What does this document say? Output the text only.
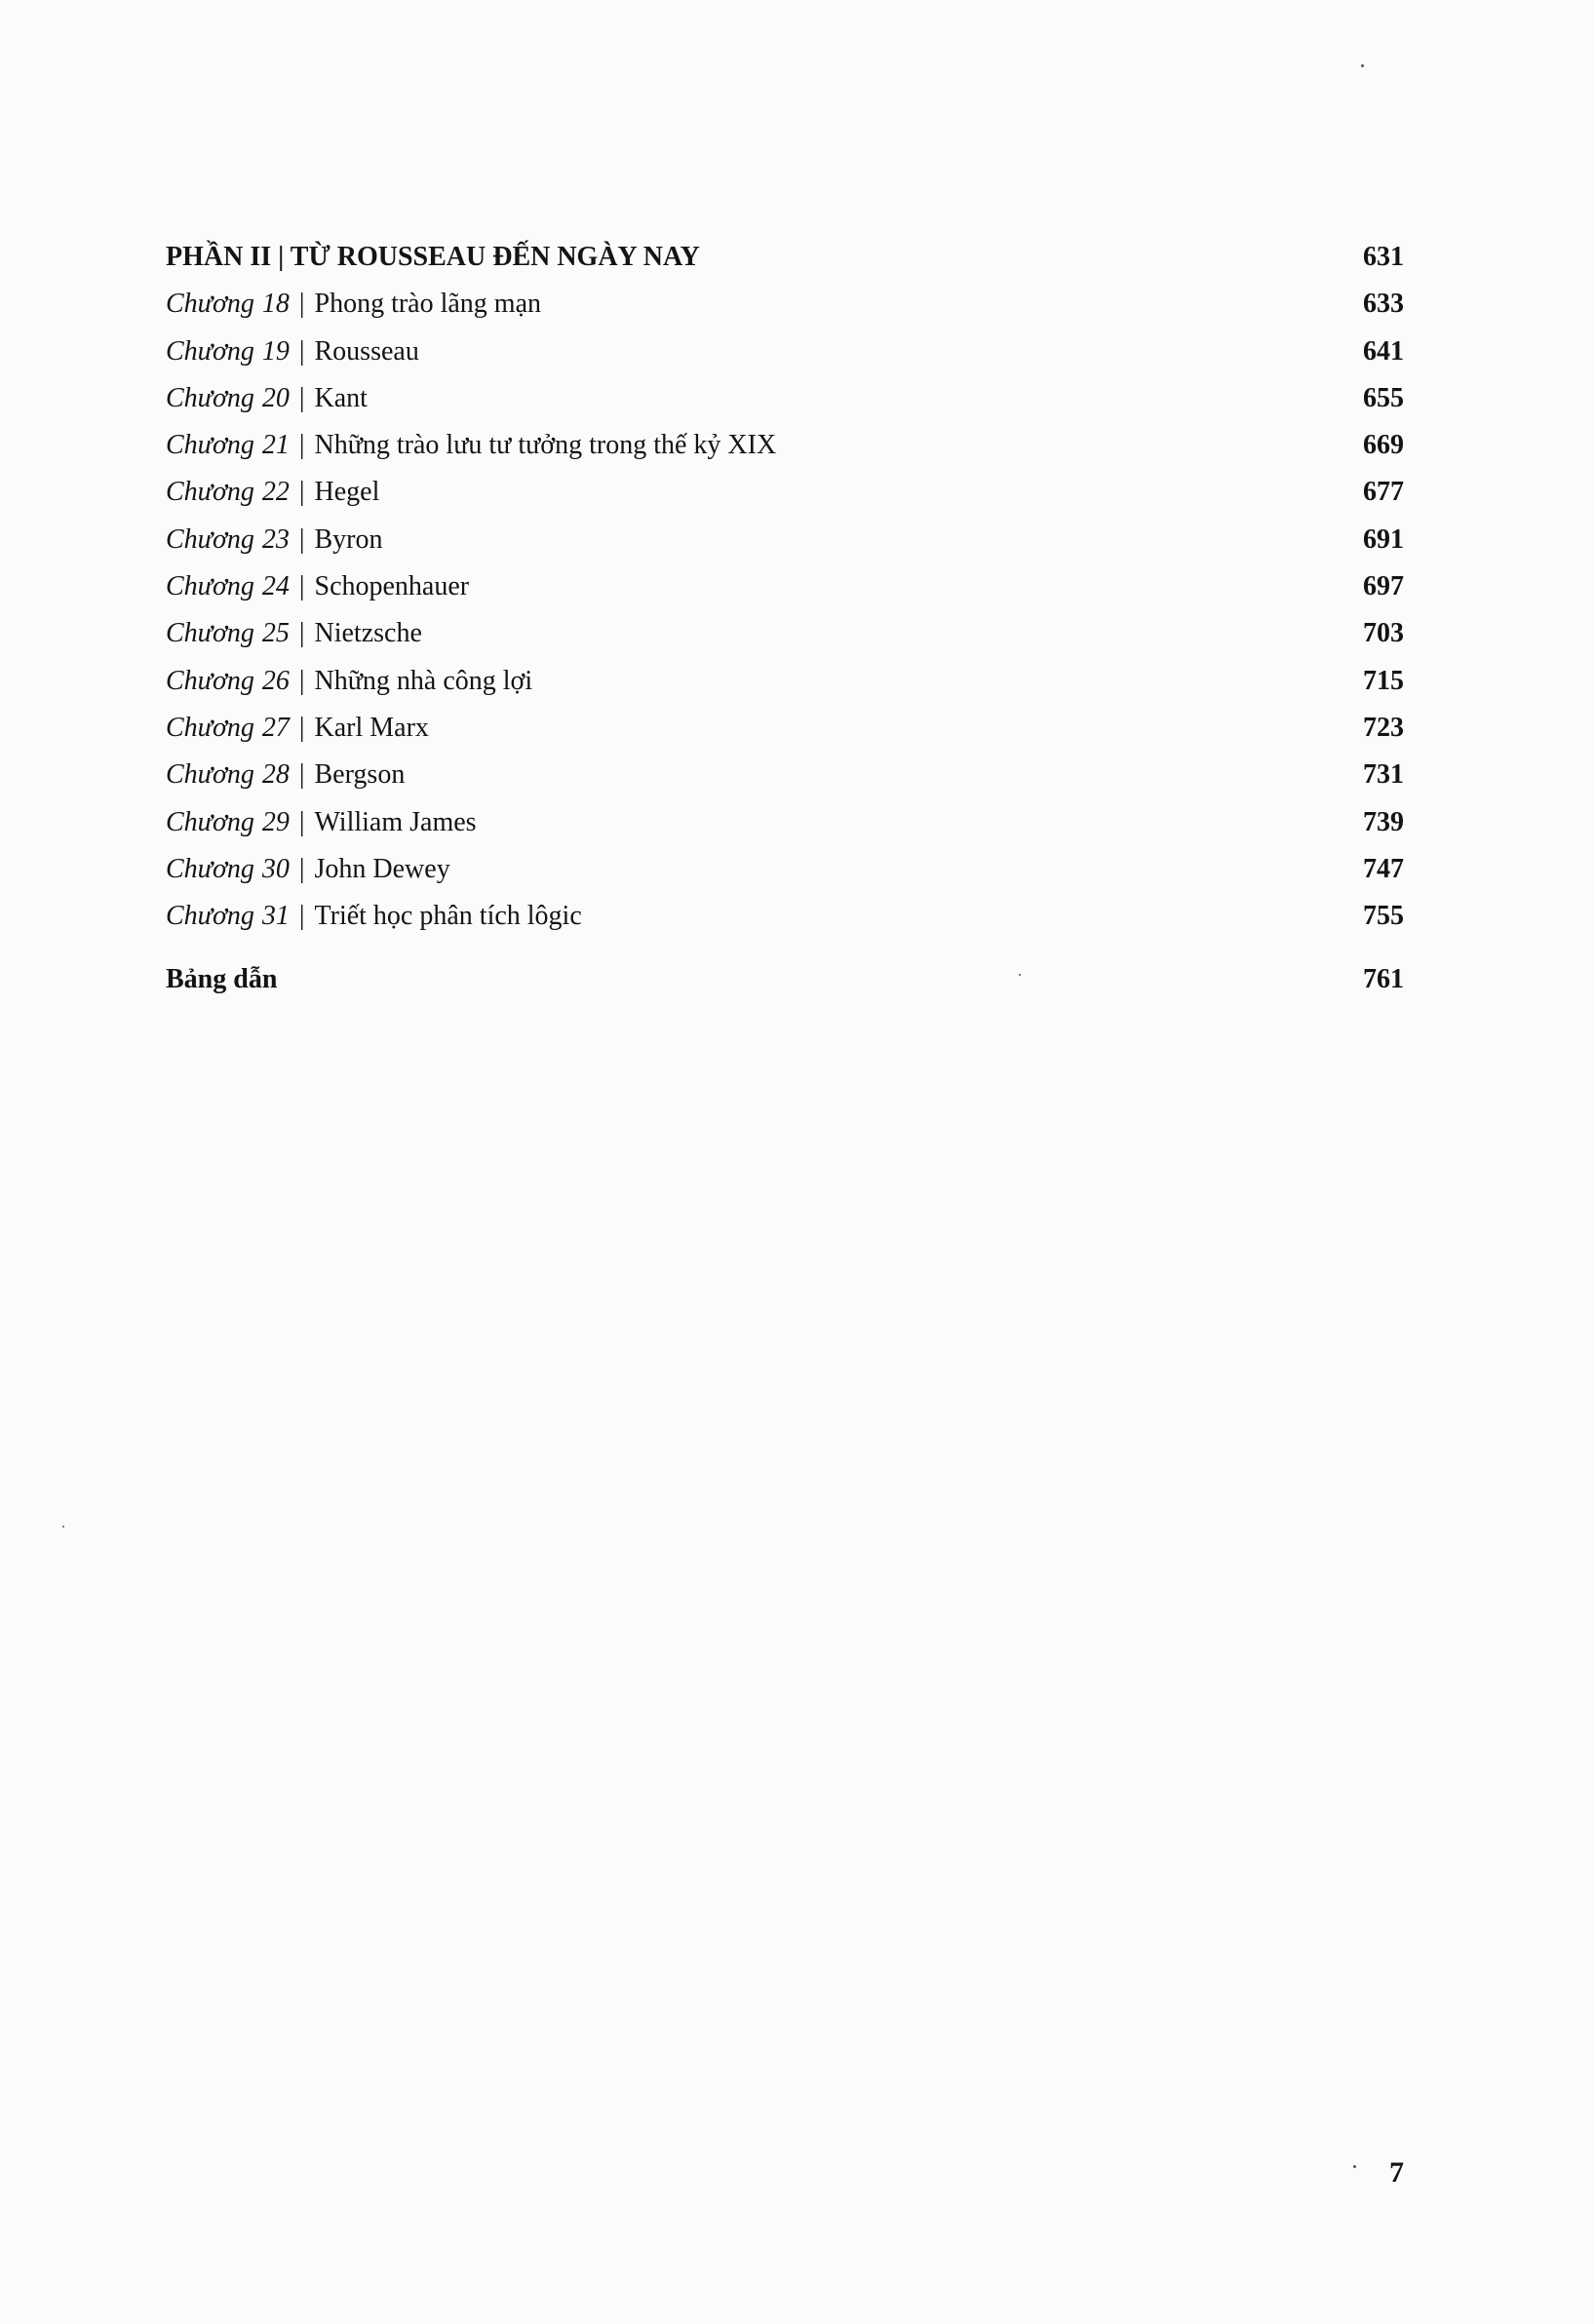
PHẦN II | TỪ ROUSSEAU ĐẾN NGÀY NAY	631
Chương 18 | Phong trào lãng mạn	633
Chương 19 | Rousseau	641
Chương 20 | Kant	655
Chương 21 | Những trào lưu tư tưởng trong thế kỷ XIX	669
Chương 22 | Hegel	677
Chương 23 | Byron	691
Chương 24 | Schopenhauer	697
Chương 25 | Nietzsche	703
Chương 26 | Những nhà công lợi	715
Chương 27 | Karl Marx	723
Chương 28 | Bergson	731
Chương 29 | William James	739
Chương 30 | John Dewey	747
Chương 31 | Triết học phân tích lôgic	755
Bảng dẫn	761
7
